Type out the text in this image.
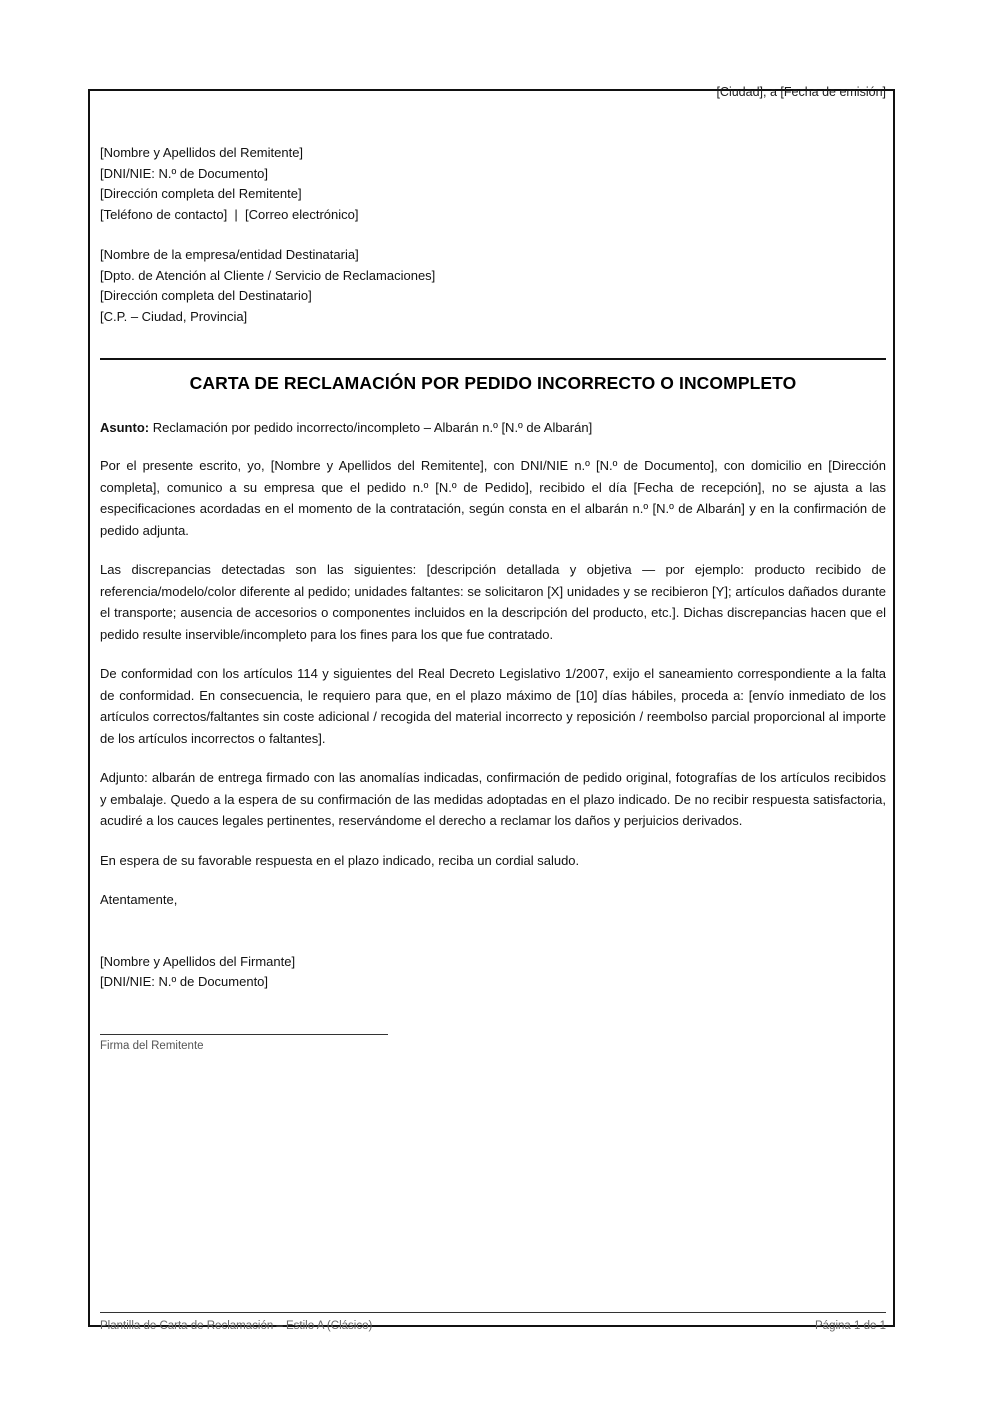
[Ciudad], a [Fecha de emisión]
[Nombre y Apellidos del Remitente]
[DNI/NIE: N.º de Documento]
[Dirección completa del Remitente]
[Teléfono de contacto]  |  [Correo electrónico]
[Nombre de la empresa/entidad Destinataria]
[Dpto. de Atención al Cliente / Servicio de Reclamaciones]
[Dirección completa del Destinatario]
[C.P. – Ciudad, Provincia]
CARTA DE RECLAMACIÓN POR PEDIDO INCORRECTO O INCOMPLETO
Asunto: Reclamación por pedido incorrecto/incompleto – Albarán n.º [N.º de Albarán]
Por el presente escrito, yo, [Nombre y Apellidos del Remitente], con DNI/NIE n.º [N.º de Documento], con domicilio en [Dirección completa], comunico a su empresa que el pedido n.º [N.º de Pedido], recibido el día [Fecha de recepción], no se ajusta a las especificaciones acordadas en el momento de la contratación, según consta en el albarán n.º [N.º de Albarán] y en la confirmación de pedido adjunta.
Las discrepancias detectadas son las siguientes: [descripción detallada y objetiva — por ejemplo: producto recibido de referencia/modelo/color diferente al pedido; unidades faltantes: se solicitaron [X] unidades y se recibieron [Y]; artículos dañados durante el transporte; ausencia de accesorios o componentes incluidos en la descripción del producto, etc.]. Dichas discrepancias hacen que el pedido resulte inservible/incompleto para los fines para los que fue contratado.
De conformidad con los artículos 114 y siguientes del Real Decreto Legislativo 1/2007, exijo el saneamiento correspondiente a la falta de conformidad. En consecuencia, le requiero para que, en el plazo máximo de [10] días hábiles, proceda a: [envío inmediato de los artículos correctos/faltantes sin coste adicional / recogida del material incorrecto y reposición / reembolso parcial proporcional al importe de los artículos incorrectos o faltantes].
Adjunto: albarán de entrega firmado con las anomalías indicadas, confirmación de pedido original, fotografías de los artículos recibidos y embalaje. Quedo a la espera de su confirmación de las medidas adoptadas en el plazo indicado. De no recibir respuesta satisfactoria, acudiré a los cauces legales pertinentes, reservándome el derecho a reclamar los daños y perjuicios derivados.
En espera de su favorable respuesta en el plazo indicado, reciba un cordial saludo.
Atentamente,
[Nombre y Apellidos del Firmante]
[DNI/NIE: N.º de Documento]
Firma del Remitente
Plantilla de Carta de Reclamación – Estilo A (Clásico)	Página 1 de 1
